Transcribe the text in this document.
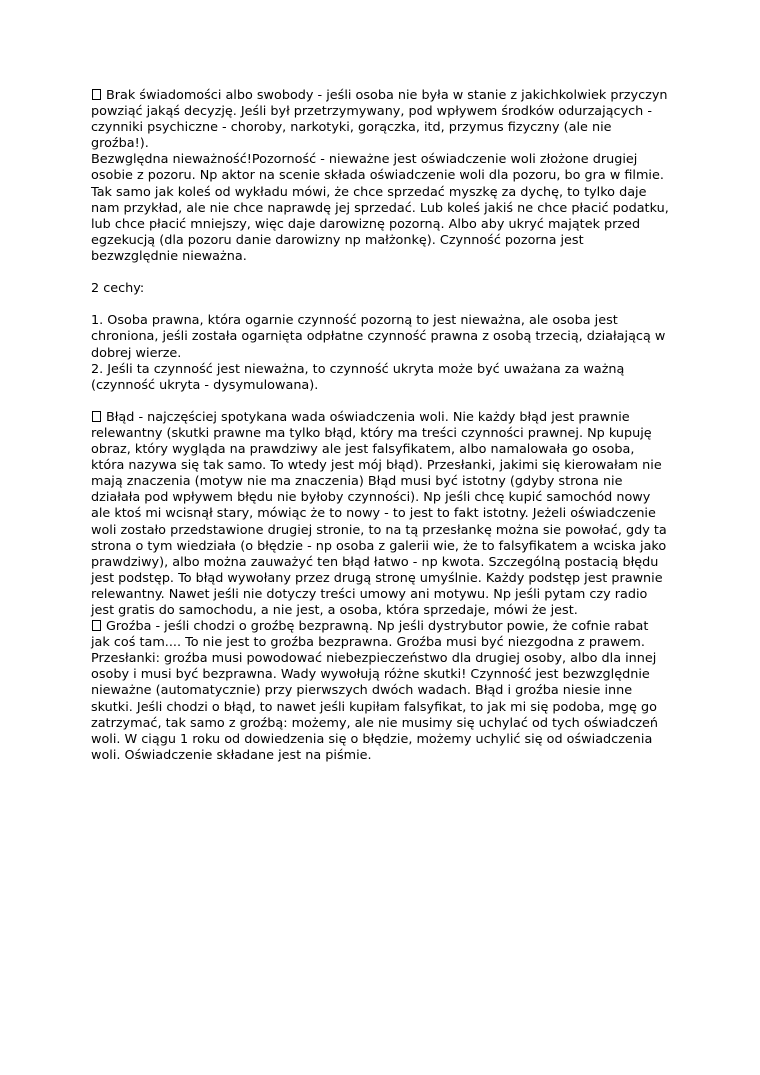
Brak świadomości albo swobody - jeśli osoba nie była w stanie z jakichkolwiek przyczyn
powziąć jakąś decyzję. Jeśli był przetrzymywany, pod wpływem środków odurzających -
czynniki psychiczne - choroby, narkotyki, gorączka, itd, przymus fizyczny (ale nie
groźba!).
Bezwględna nieważność!Pozorność - nieważne jest oświadczenie woli złożone drugiej
osobie z pozoru. Np aktor na scenie składa oświadczenie woli dla pozoru, bo gra w filmie.
Tak samo jak koleś od wykładu mówi, że chce sprzedać myszkę za dychę, to tylko daje
nam przykład, ale nie chce naprawdę jej sprzedać. Lub koleś jakiś ne chce płacić podatku,
lub chce płacić mniejszy, więc daje darowiznę pozorną. Albo aby ukryć majątek przed
egzekucją (dla pozoru danie darowizny np małżonkę). Czynność pozorna jest
bezwzględnie nieważna.
2 cechy:
1. Osoba prawna, która ogarnie czynność pozorną to jest nieważna, ale osoba jest
chroniona, jeśli została ogarnięta odpłatne czynność prawna z osobą trzecią, działającą w
dobrej wierze.
2. Jeśli ta czynność jest nieważna, to czynność ukryta może być uważana za ważną
(czynność ukryta - dysymulowana).
Błąd - najczęściej spotykana wada oświadczenia woli. Nie każdy błąd jest prawnie
relewantny (skutki prawne ma tylko błąd, który ma treści czynności prawnej. Np kupuję
obraz, który wygląda na prawdziwy ale jest falsyfikatem, albo namalowała go osoba,
która nazywa się tak samo. To wtedy jest mój błąd). Przesłanki, jakimi się kierowałam nie
mają znaczenia (motyw nie ma znaczenia) Błąd musi być istotny (gdyby strona nie
działała pod wpływem błędu nie byłoby czynności). Np jeśli chcę kupić samochód nowy
ale ktoś mi wcisnął stary, mówiąc że to nowy - to jest to fakt istotny. Jeżeli oświadczenie
woli zostało przedstawione drugiej stronie, to na tą przesłankę można sie powołać, gdy ta
strona o tym wiedziała (o błędzie - np osoba z galerii wie, że to falsyfikatem a wciska jako
prawdziwy), albo można zauważyć ten błąd łatwo - np kwota. Szczególną postacią błędu
jest podstęp. To błąd wywołany przez drugą stronę umyślnie. Każdy podstęp jest prawnie
relewantny. Nawet jeśli nie dotyczy treści umowy ani motywu. Np jeśli pytam czy radio
jest gratis do samochodu, a nie jest, a osoba, która sprzedaje, mówi że jest.
Groźba - jeśli chodzi o groźbę bezprawną. Np jeśli dystrybutor powie, że cofnie rabat
jak coś tam.... To nie jest to groźba bezprawna. Groźba musi być niezgodna z prawem.
Przesłanki: groźba musi powodować niebezpieczeństwo dla drugiej osoby, albo dla innej
osoby i musi być bezprawna. Wady wywołują różne skutki! Czynność jest bezwzględnie
nieważne (automatycznie) przy pierwszych dwóch wadach. Błąd i groźba niesie inne
skutki. Jeśli chodzi o błąd, to nawet jeśli kupiłam falsyfikat, to jak mi się podoba, mgę go
zatrzymać, tak samo z groźbą: możemy, ale nie musimy się uchylać od tych oświadczeń
woli. W ciągu 1 roku od dowiedzenia się o błędzie, możemy uchylić się od oświadczenia
woli. Oświadczenie składane jest na piśmie.
